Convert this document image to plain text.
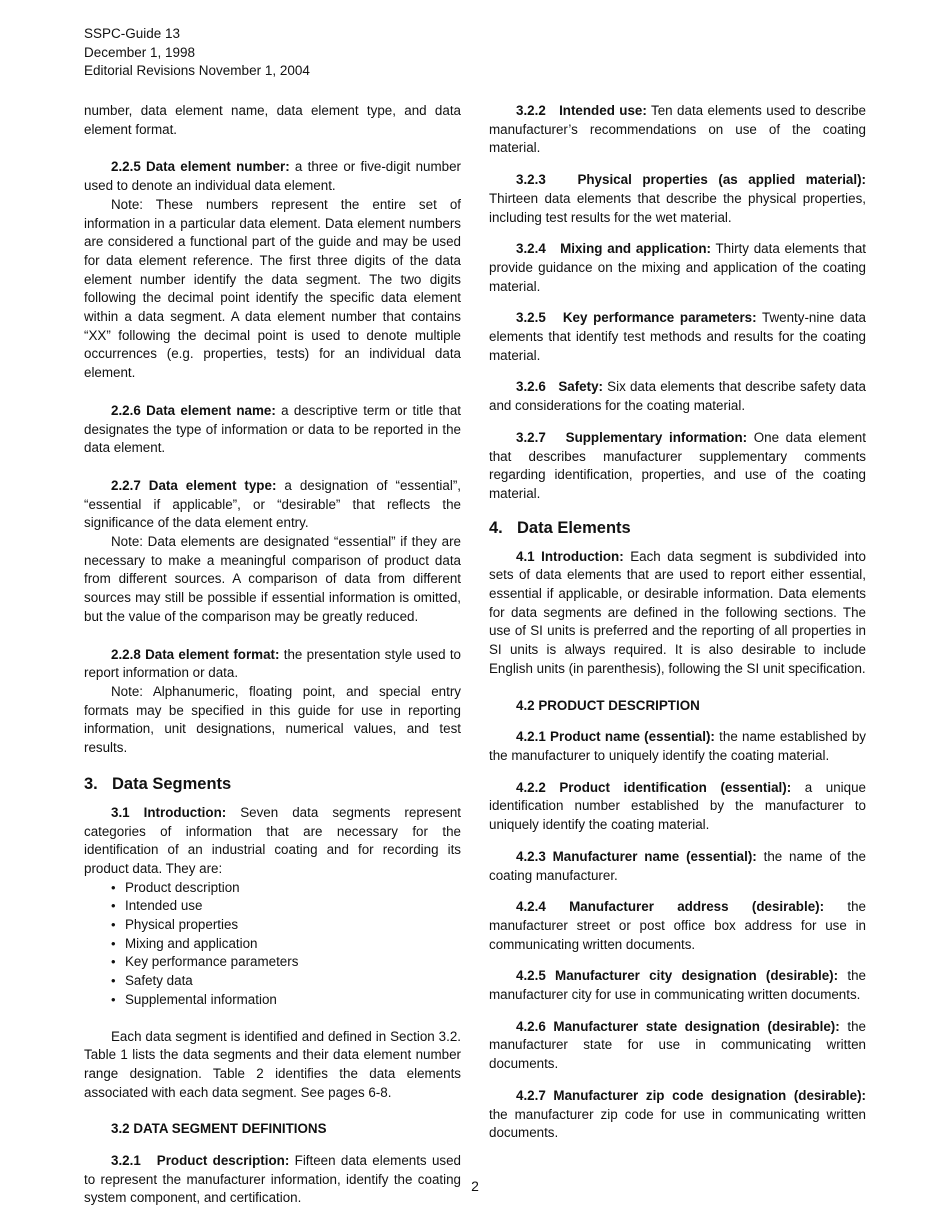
SSPC-Guide 13
December 1, 1998
Editorial Revisions November 1, 2004

number, data element name, data element type, and data element format.

2.2.5 Data element number: a three or five-digit number used to denote an individual data element.

Note: These numbers represent the entire set of information in a particular data element. Data element numbers are considered a functional part of the guide and may be used for data element reference. The first three digits of the data element number identify the data segment. The two digits following the decimal point identify the specific data element within a data segment. A data element number that contains “XX” following the decimal point is used to denote multiple occurrences (e.g. properties, tests) for an individual data element.

2.2.6 Data element name: a descriptive term or title that designates the type of information or data to be reported in the data element.

2.2.7 Data element type: a designation of “essential”, “essential if applicable”, or “desirable” that reflects the significance of the data element entry.

Note: Data elements are designated “essential” if they are necessary to make a meaningful comparison of product data from different sources. A comparison of data from different sources may still be possible if essential information is omitted, but the value of the comparison may be greatly reduced.

2.2.8 Data element format: the presentation style used to report information or data.

Note: Alphanumeric, floating point, and special entry formats may be specified in this guide for use in reporting information, unit designations, numerical values, and test results.

3. Data Segments

3.1 Introduction: Seven data segments represent categories of information that are necessary for the identification of an industrial coating and for recording its product data. They are:

• Product description
• Intended use
• Physical properties
• Mixing and application
• Key performance parameters
• Safety data
• Supplemental information

Each data segment is identified and defined in Section 3.2. Table 1 lists the data segments and their data element number range designation. Table 2 identifies the data elements associated with each data segment. See pages 6-8.

3.2 DATA SEGMENT DEFINITIONS

3.2.1   Product description: Fifteen data elements used to represent the manufacturer information, identify the coating system component, and certification.

3.2.2   Intended use: Ten data elements used to describe manufacturer’s recommendations on use of the coating material.

3.2.3   Physical properties (as applied material): Thirteen data elements that describe the physical properties, including test results for the wet material.

3.2.4   Mixing and application: Thirty data elements that provide guidance on the mixing and application of the coating material.

3.2.5   Key performance parameters: Twenty-nine data elements that identify test methods and results for the coating material.

3.2.6   Safety: Six data elements that describe safety data and considerations for the coating material.

3.2.7   Supplementary information: One data element that describes manufacturer supplementary comments regarding identification, properties, and use of the coating material.

4. Data Elements

4.1 Introduction: Each data segment is subdivided into sets of data elements that are used to report either essential, essential if applicable, or desirable information. Data elements for data segments are defined in the following sections. The use of SI units is preferred and the reporting of all properties in SI units is always required. It is also desirable to include English units (in parenthesis), following the SI unit specification.

4.2 PRODUCT DESCRIPTION

4.2.1 Product name (essential): the name established by the manufacturer to uniquely identify the coating material.

4.2.2 Product identification (essential): a unique identification number established by the manufacturer to uniquely identify the coating material.

4.2.3 Manufacturer name (essential): the name of the coating manufacturer.

4.2.4 Manufacturer address (desirable): the manufacturer street or post office box address for use in communicating written documents.

4.2.5 Manufacturer city designation (desirable): the manufacturer city for use in communicating written documents.

4.2.6 Manufacturer state designation (desirable): the manufacturer state for use in communicating written documents.

4.2.7 Manufacturer zip code designation (desirable): the manufacturer zip code for use in communicating written documents.

2
